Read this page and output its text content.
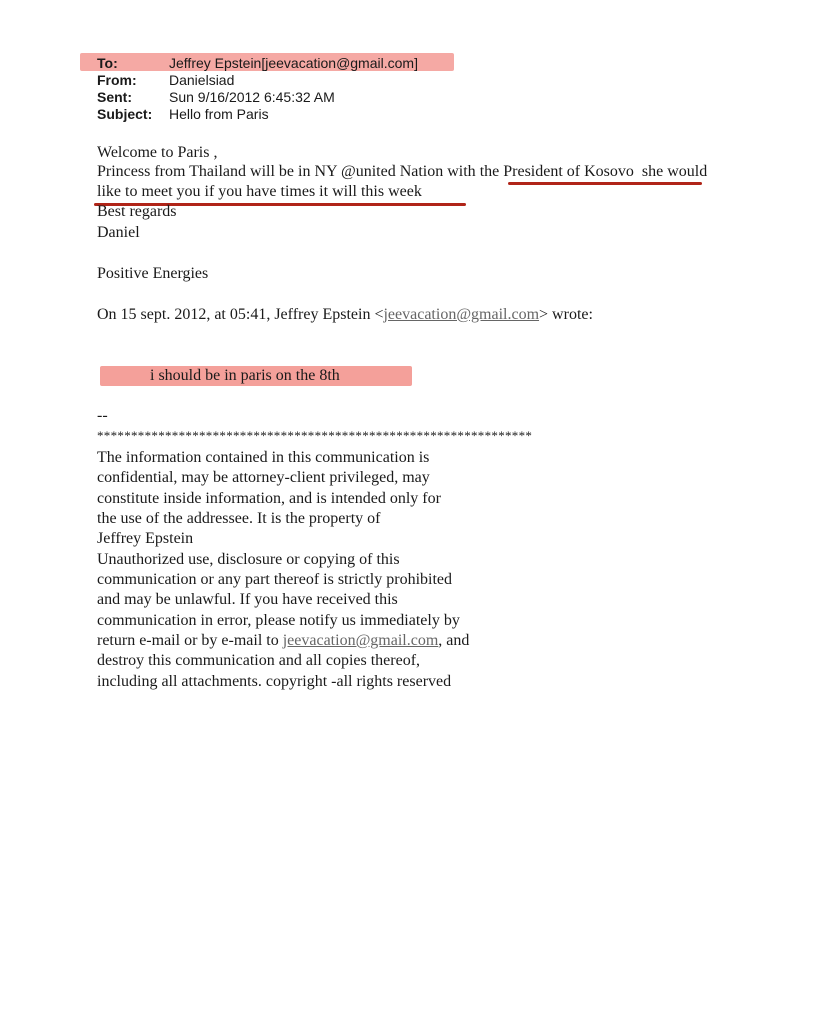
To:	Jeffrey Epstein[jeevacation@gmail.com]
From: Danielsiad
Sent:	Sun 9/16/2012 6:45:32 AM
Subject: Hello from Paris
Welcome to Paris ,
Princess from Thailand will be in NY @united Nation with the President of Kosovo  she would
like to meet you if you have times it will this week
Best regards
Daniel
Positive Energies
On 15 sept. 2012, at 05:41, Jeffrey Epstein <jeevacation@gmail.com> wrote:
i should be in paris on the 8th
--
****************************************************************
The information contained in this communication is
confidential, may be attorney-client privileged, may
constitute inside information, and is intended only for
the use of the addressee. It is the property of
Jeffrey Epstein
Unauthorized use, disclosure or copying of this
communication or any part thereof is strictly prohibited
and may be unlawful. If you have received this
communication in error, please notify us immediately by
return e-mail or by e-mail to jeevacation@gmail.com, and
destroy this communication and all copies thereof,
including all attachments. copyright -all rights reserved
